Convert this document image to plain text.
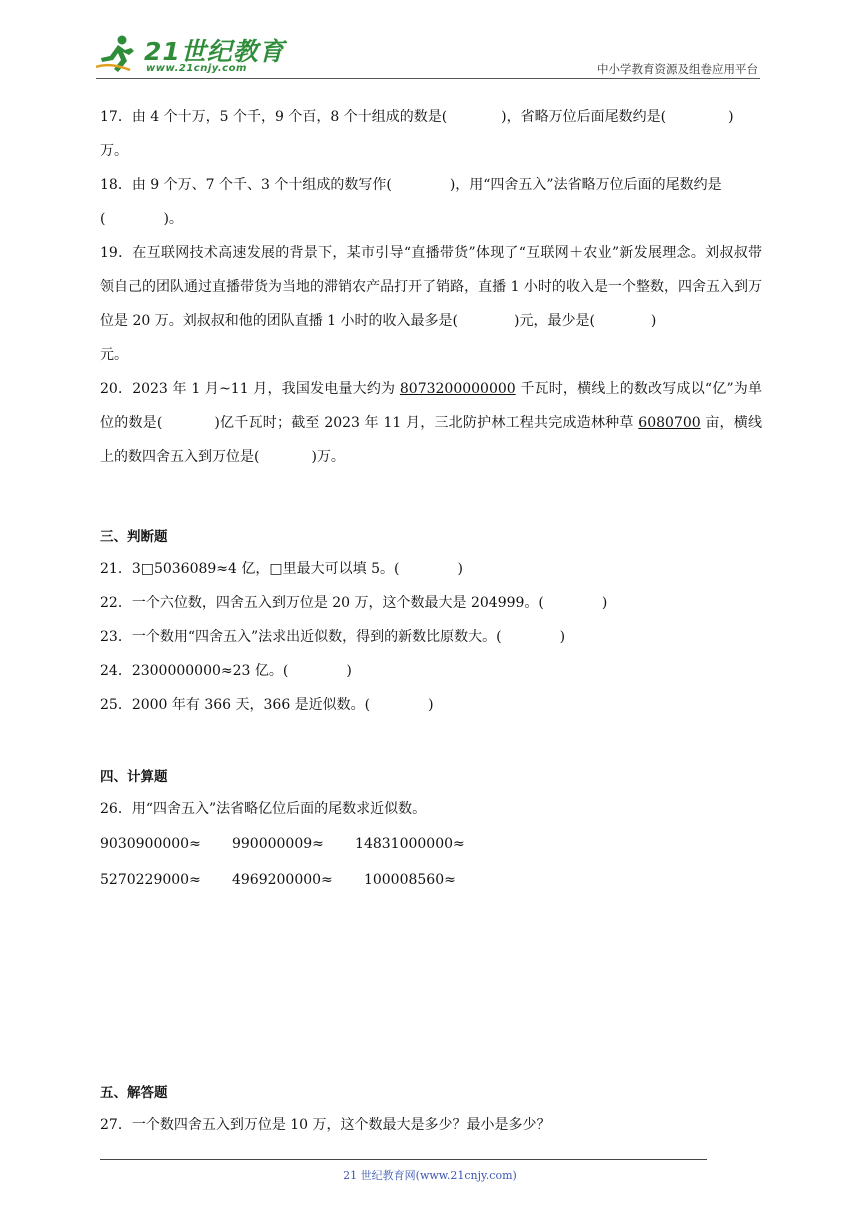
21世纪教育
www.21cnjy.com	中小学教育资源及组卷应用平台

17．由 4 个十万，5 个千，9 个百，8 个十组成的数是(	)，省略万位后面尾数约是(	)
万。

18．由 9 个万、7 个千、3 个十组成的数写作(	)，用“四舍五入”法省略万位后面的尾数约是
(	)。

19．在互联网技术高速发展的背景下，某市引导“直播带货”体现了“互联网＋农业”新发展理念。刘叔叔带领自己的团队通过直播带货为当地的滞销农产品打开了销路，直播 1 小时的收入是一个整数，四舍五入到万位是 20 万。刘叔叔和他的团队直播 1 小时的收入最多是(	)元，最少是(	)
元。

20．2023 年 1 月~11 月，我国发电量大约为 8073200000000 千瓦时，横线上的数改写成以“亿”为单位的数是(	)亿千瓦时；截至 2023 年 11 月，三北防护林工程共完成造林种草 6080700 亩，横线上的数四舍五入到万位是(	)万。

三、判断题

21．3□5036089≈4 亿，□里最大可以填 5。(	)

22．一个六位数，四舍五入到万位是 20 万，这个数最大是 204999。(	)

23．一个数用“四舍五入”法求出近似数，得到的新数比原数大。(	)

24．2300000000≈23 亿。(	)

25．2000 年有 366 天，366 是近似数。(	)

四、计算题

26．用“四舍五入”法省略亿位后面的尾数求近似数。

9030900000≈ 990000009≈ 14831000000≈
5270229000≈ 4969200000≈ 100008560≈

五、解答题

27．一个数四舍五入到万位是 10 万，这个数最大是多少？最小是多少？

21 世纪教育网(www.21cnjy.com)
